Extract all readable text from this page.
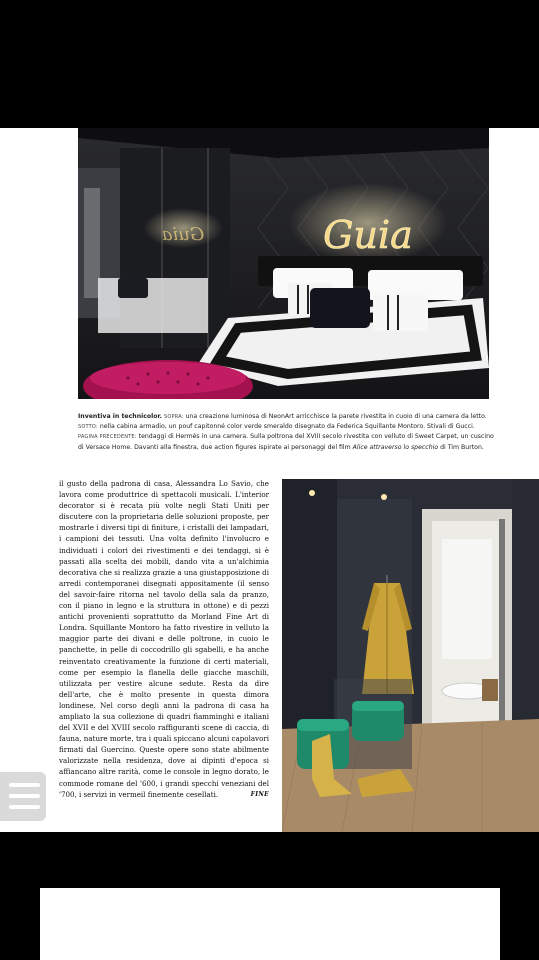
Guia
Guia
Inventiva in technicolor. SOPRA: una creazione luminosa di NeonArt arricchisce la parete rivestita in cuoio di una camera da letto.
SOTTO: nella cabina armadio, un pouf capitonné color verde smeraldo disegnato da Federica Squillante Montoro. Stivali di Gucci.
PAGINA PRECEDENTE: tendaggi di Hermès in una camera. Sulla poltrona del XVIII secolo rivestita con velluto di Sweet Carpet, un cuscino di Versace Home. Davanti alla finestra, due action figures ispirate ai personaggi del film Alice attraverso lo specchio di Tim Burton.
il gusto della padrona di casa, Alessandra Lo Savio, che lavora come produttrice di spettacoli musicali. L'interior decorator si è recata più volte negli Stati Uniti per discutere con la proprietaria delle soluzioni proposte, per mostrarle i diversi tipi di finiture, i cristalli dei lampadari, i campioni dei tessuti. Una volta definito l'involucro e individuati i colori dei rivestimenti e dei tendaggi, si è passati alla scelta dei mobili, dando vita a un'alchimia decorativa che si realizza grazie a una giustapposizione di arredi contemporanei disegnati appositamente (il senso del savoir-faire ritorna nel tavolo della sala da pranzo, con il piano in legno e la struttura in ottone) e di pezzi antichi provenienti soprattutto da Morland Fine Art di Londra. Squillante Montoro ha fatto rivestire in velluto la maggior parte dei divani e delle poltrone, in cuoio le panchette, in pelle di coccodrillo gli sgabelli, e ha anche reinventato creativamente la funzione di certi materiali, come per esempio la flanella delle giacche maschili, utilizzata per vestire alcune sedute. Resta da dire dell'arte, che è molto presente in questa dimora londinese. Nel corso degli anni la padrona di casa ha ampliato la sua collezione di quadri fiamminghi e italiani del XVII e del XVIII secolo raffiguranti scene di caccia, di fauna, nature morte, tra i quali spiccano alcuni capolavori firmati dal Guercino. Queste opere sono state abilmente valorizzate nella residenza, dove ai dipinti d'epoca si affiancano altre rarità, come le console in legno dorato, le commode romane del '600, i grandi specchi veneziani del '700, i servizi in vermeil finemente cesellati.	FINE
